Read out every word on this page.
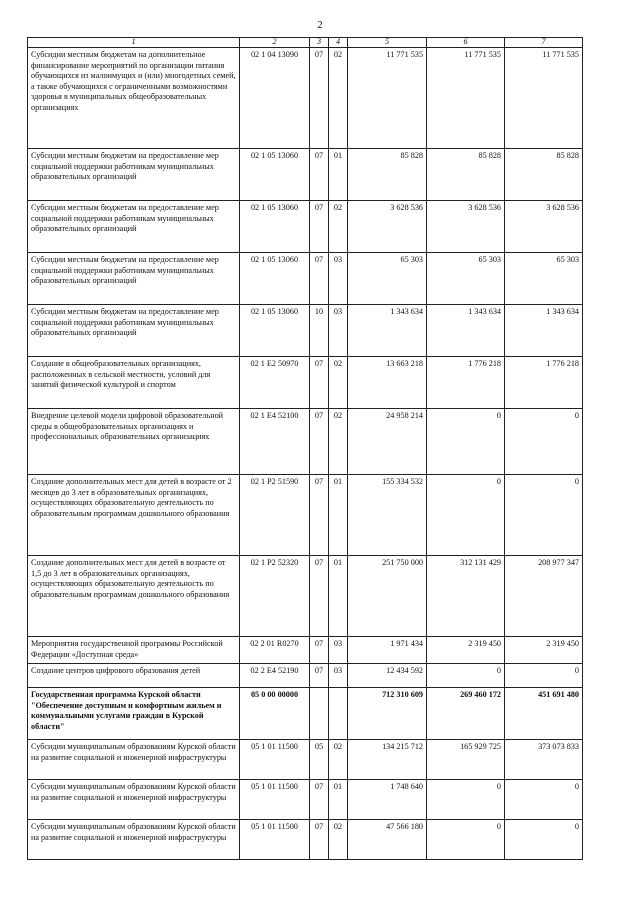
2
1	2	3	4	5	6	7
Субсидии местным бюджетам на дополнительное финансирование мероприятий по организации питания обучающихся из малоимущих и (или) многодетных семей, а также обучающихся с ограниченными возможностями здоровья в муниципальных общеобразовательных организациях	02 1 04 13090	07	02	11 771 535	11 771 535	11 771 535
Субсидии местным бюджетам на предоставление мер социальной поддержки работникам муниципальных образовательных организаций	02 1 05 13060	07	01	85 828	85 828	85 828
Субсидии местным бюджетам на предоставление мер социальной поддержки работникам муниципальных образовательных организаций	02 1 05 13060	07	02	3 628 536	3 628 536	3 628 536
Субсидии местным бюджетам на предоставление мер социальной поддержки работникам муниципальных образовательных организаций	02 1 05 13060	07	03	65 303	65 303	65 303
Субсидии местным бюджетам на предоставление мер социальной поддержки работникам муниципальных образовательных организаций	02 1 05 13060	10	03	1 343 634	1 343 634	1 343 634
Создание в общеобразовательных организациях, расположенных в сельской местности, условий для занятий физической культурой и спортом	02 1 E2 50970	07	02	13 663 218	1 776 218	1 776 218
Внедрение целевой модели цифровой образовательной среды в общеобразовательных организациях и профессиональных образовательных организациях	02 1 E4 52100	07	02	24 958 214	0	0
Создание дополнительных мест для детей в возрасте от 2 месяцев до 3 лет в образовательных организациях, осуществляющих образовательную деятельность по образовательным программам дошкольного образования	02 1 P2 51590	07	01	155 334 532	0	0
Создание дополнительных мест для детей в возрасте от 1,5 до 3 лет в образовательных организациях, осуществляющих образовательную деятельность по образовательным программам дошкольного образования	02 1 P2 52320	07	01	251 750 000	312 131 429	208 977 347
Мероприятия государственной программы Российской Федерации «Доступная среда»	02 2 01 R0270	07	03	1 971 434	2 319 450	2 319 450
Создание центров цифрового образования детей	02 2 E4 52190	07	03	12 434 592	0	0
Государственная программа Курской области "Обеспечение доступным и комфортным жильем и коммунальными услугами граждан в Курской области"	05 0 00 00000			712 310 609	269 460 172	451 691 480
Субсидии муниципальным образованиям Курской области на развитие социальной и инженерной инфраструктуры	05 1 01 11500	05	02	134 215 712	165 929 725	373 073 833
Субсидии муниципальным образованиям Курской области на развитие социальной и инженерной инфраструктуры	05 1 01 11500	07	01	1 748 640	0	0
Субсидии муниципальным образованиям Курской области на развитие социальной и инженерной инфраструктуры	05 1 01 11500	07	02	47 566 180	0	0
